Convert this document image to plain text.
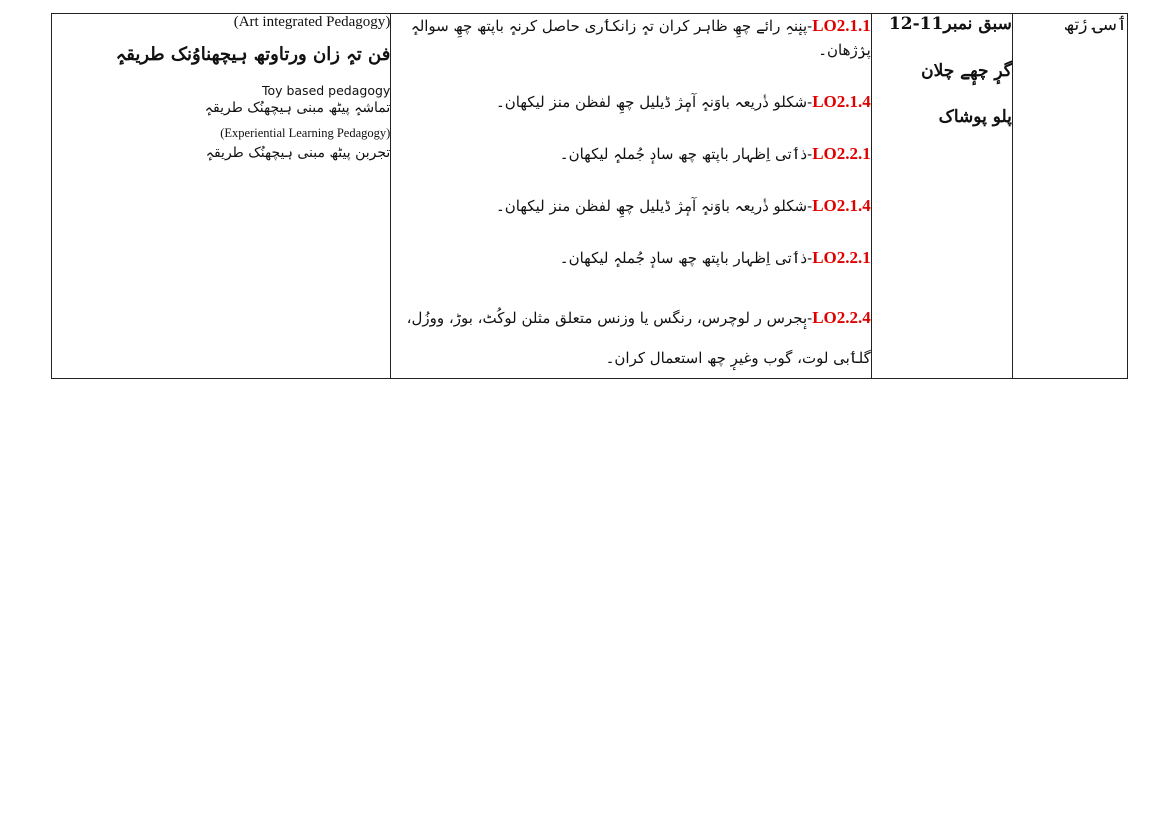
(Art integrated Pedagogy)
فن تہٕ زان ورتاوتھ ہیچھناوُنک طریقہٕ
Toy based pedagogy
تماشہٕ پیٹھ مبنی ہیچھنُک طریقہٕ
(Experiential Learning Pedagogy)
تجربن پیٹھ مبنی ہیچھنُک طریقہٕ

LO2.1.1-پنٕنہِ رائے چھِ ظاہر کران تہٕ زانکٲری حاصل کرنہٕ باپتھ چھِ سوالہٕ پرٛژھان۔
LO2.1.4-شکلو ذٔریعہ باوَنہٕ آمٕژ ڈیلیل چھِ لفظن منز لیکھان۔
LO2.2.1-ذٲتی اِظہار باپتھ چھ سادٕ جُملہٕ لیکھان۔
LO2.1.4-شکلو ذٔریعہ باوَنہٕ آمٕژ ڈیلیل چھِ لفظن منز لیکھان۔
LO2.2.1-ذٲتی اِظہار باپتھ چھ سادٕ جُملہٕ لیکھان۔
LO2.2.4-بٕجرس ر لوچرس، رنگس یا وزنس متعلق مثلن لوکُٹ، بوڑ، ووزُل، گلٲبی لوت، گوب وغیرٕ چھ استعمال کران۔

سبق نمبر11-12
گرٕ چھٕے چلان
پلو پوشاک

ٲسۍ رٔتھ
